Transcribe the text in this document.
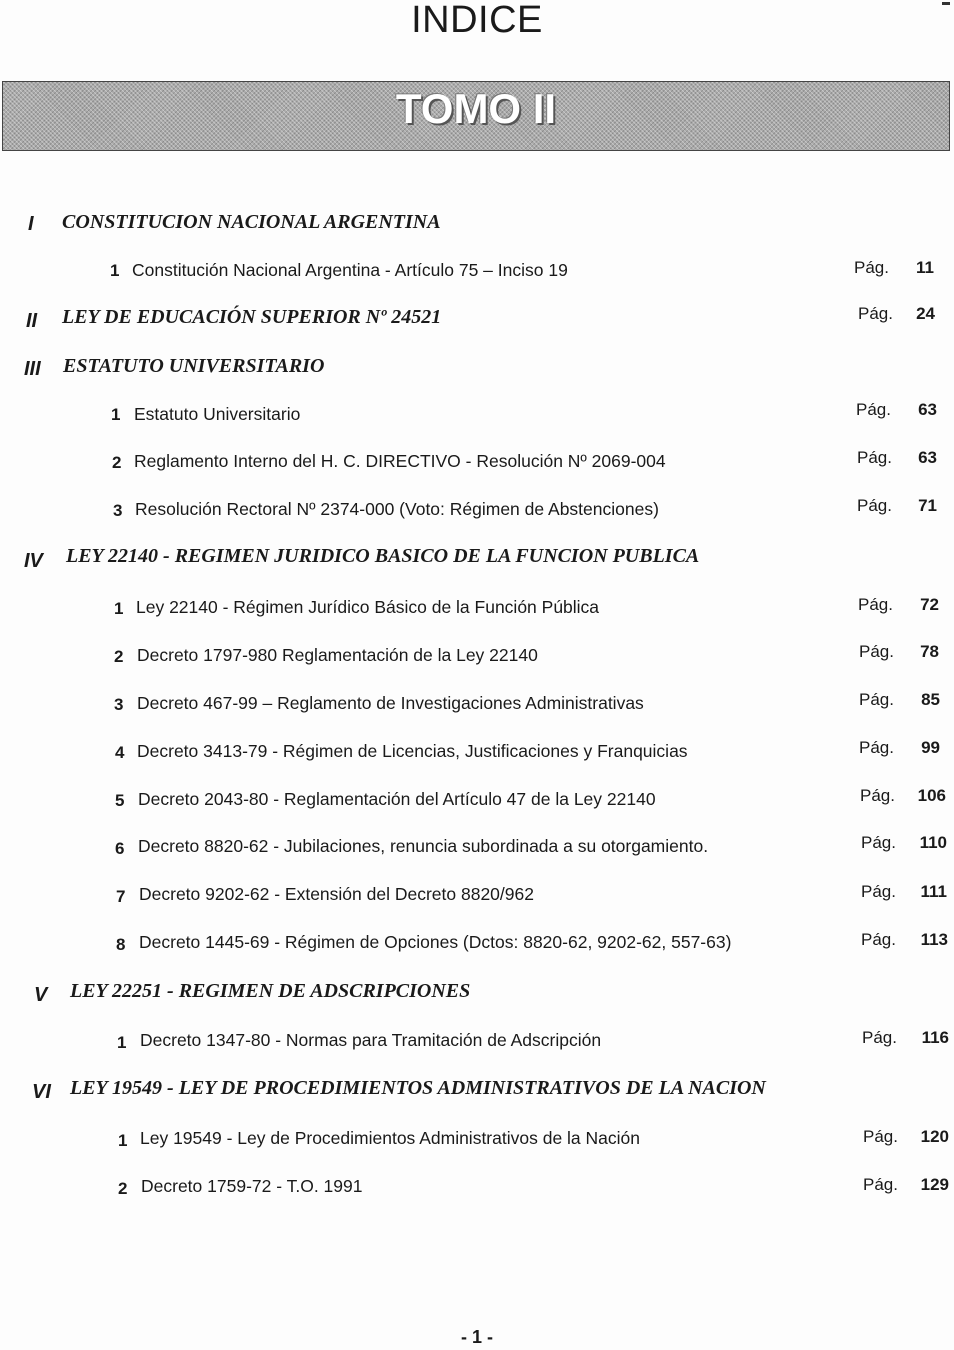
INDICE
TOMO II
I CONSTITUCION NACIONAL ARGENTINA
1 Constitución Nacional Argentina - Artículo 75 – Inciso 19	Pág.	11
II LEY DE EDUCACIÓN SUPERIOR Nº 24521	Pág.	24
III ESTATUTO UNIVERSITARIO
1 Estatuto Universitario	Pág.	63
2 Reglamento Interno del H. C. DIRECTIVO - Resolución Nº 2069-004	Pág.	63
3 Resolución Rectoral Nº 2374-000 (Voto: Régimen de Abstenciones)	Pág.	71
IV LEY 22140 - REGIMEN JURIDICO BASICO DE LA FUNCION PUBLICA
1 Ley 22140 - Régimen Jurídico Básico de la Función Pública	Pág.	72
2 Decreto 1797-980 Reglamentación de la Ley 22140	Pág.	78
3 Decreto 467-99 – Reglamento de Investigaciones Administrativas	Pág.	85
4 Decreto 3413-79 - Régimen de Licencias, Justificaciones y Franquicias	Pág.	99
5 Decreto 2043-80 - Reglamentación del Artículo 47 de la Ley 22140	Pág.	106
6 Decreto 8820-62 - Jubilaciones, renuncia subordinada a su otorgamiento.	Pág.	110
7 Decreto 9202-62 - Extensión del Decreto 8820/962	Pág.	111
8 Decreto 1445-69 - Régimen de Opciones (Dctos: 8820-62, 9202-62, 557-63)	Pág.	113
V LEY 22251 - REGIMEN DE ADSCRIPCIONES
1 Decreto 1347-80 - Normas para Tramitación de Adscripción	Pág.	116
VI LEY 19549 - LEY DE PROCEDIMIENTOS ADMINISTRATIVOS DE LA NACION
1 Ley 19549 - Ley de Procedimientos Administrativos de la Nación	Pág.	120
2 Decreto 1759-72 - T.O. 1991	Pág.	129
- 1 -
